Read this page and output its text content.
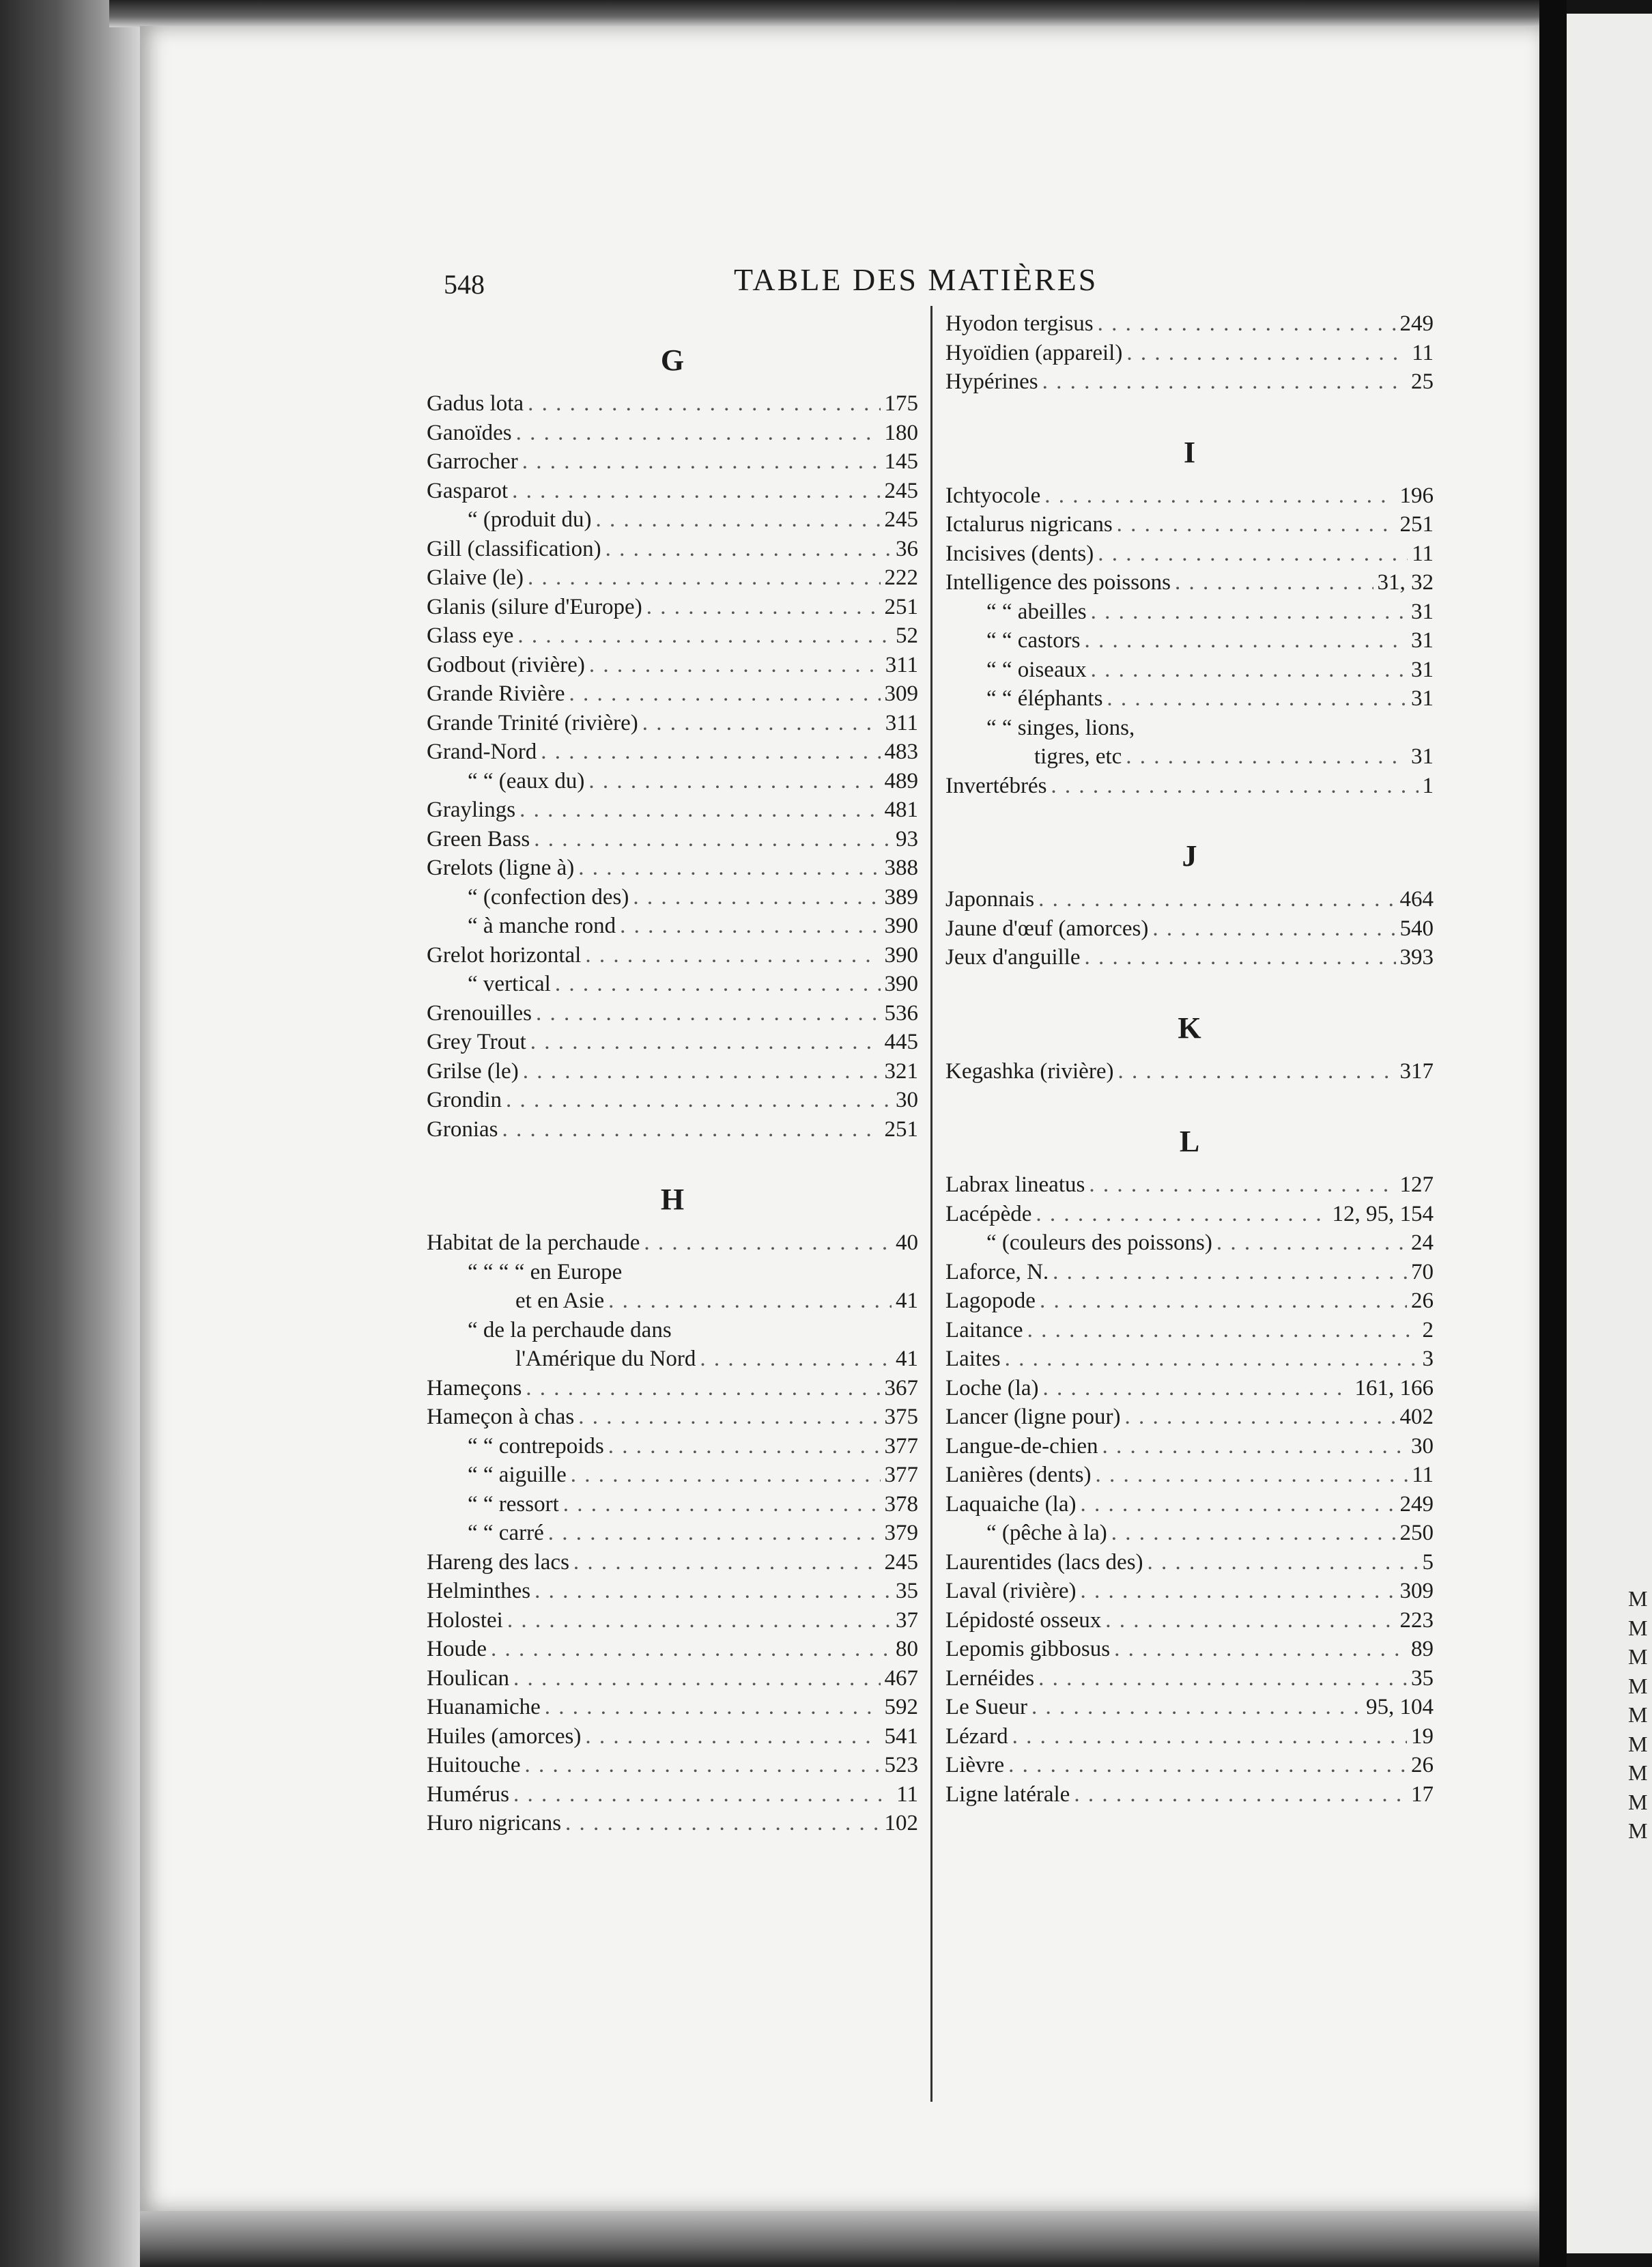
M
M
M
M
M
M
M
M
M
548	TABLE DES MATIÈRES
G
Gadus lota . . .	175
Ganoïdes . . .	180
Garrocher . . .	145
Gasparot . . .	245
“ (produit du) . . .	245
Gill (classification) . . .	36
Glaive (le) . . .	222
Glanis (silure d'Europe) . . .	251
Glass eye . . .	52
Godbout (rivière) . . .	311
Grande Rivière . . .	309
Grande Trinité (rivière) . . .	311
Grand-Nord . . .	483
“ “ (eaux du) . . .	489
Graylings . . .	481
Green Bass . . .	93
Grelots (ligne à) . . .	388
“ (confection des) . . .	389
“ à manche rond . . .	390
Grelot horizontal . . .	390
“ vertical . . .	390
Grenouilles . . .	536
Grey Trout . . .	445
Grilse (le) . . .	321
Grondin . . .	30
Gronias . . .	251
H
Habitat de la perchaude . . .	40
“ “ “ “ en Europe
et en Asie . . .	41
“ de la perchaude dans
l'Amérique du Nord . . .	41
Hameçons . . .	367
Hameçon à chas . . .	375
“ “ contrepoids . . .	377
“ “ aiguille . . .	377
“ “ ressort . . .	378
“ “ carré . . .	379
Hareng des lacs . . .	245
Helminthes . . .	35
Holostei . . .	37
Houde . . .	80
Houlican . . .	467
Huanamiche . . .	592
Huiles (amorces) . . .	541
Huitouche . . .	523
Humérus . . .	11
Huro nigricans . . .	102
Hyodon tergisus . . .	249
Hyoïdien (appareil) . . .	11
Hypérines . . .	25
I
Ichtyocole . . .	196
Ictalurus nigricans . . .	251
Incisives (dents) . . .	11
Intelligence des poissons . . .	31, 32
“ “ abeilles . . .	31
“ “ castors . . .	31
“ “ oiseaux . . .	31
“ “ éléphants . . .	31
“ “ singes, lions,
tigres, etc . . .	31
Invertébrés . . .	1
J
Japonnais . . .	464
Jaune d'œuf (amorces) . . .	540
Jeux d'anguille . . .	393
K
Kegashka (rivière) . . .	317
L
Labrax lineatus . . .	127
Lacépède . . .	12, 95, 154
“ (couleurs des poissons) . . .	24
Laforce, N. . . .	70
Lagopode . . .	26
Laitance . . .	2
Laites . . .	3
Loche (la) . . .	161, 166
Lancer (ligne pour) . . .	402
Langue-de-chien . . .	30
Lanières (dents) . . .	11
Laquaiche (la) . . .	249
“ (pêche à la) . . .	250
Laurentides (lacs des) . . .	5
Laval (rivière) . . .	309
Lépidosté osseux . . .	223
Lepomis gibbosus . . .	89
Lernéides . . .	35
Le Sueur . . .	95, 104
Lézard . . .	19
Lièvre . . .	26
Ligne latérale . . .	17
